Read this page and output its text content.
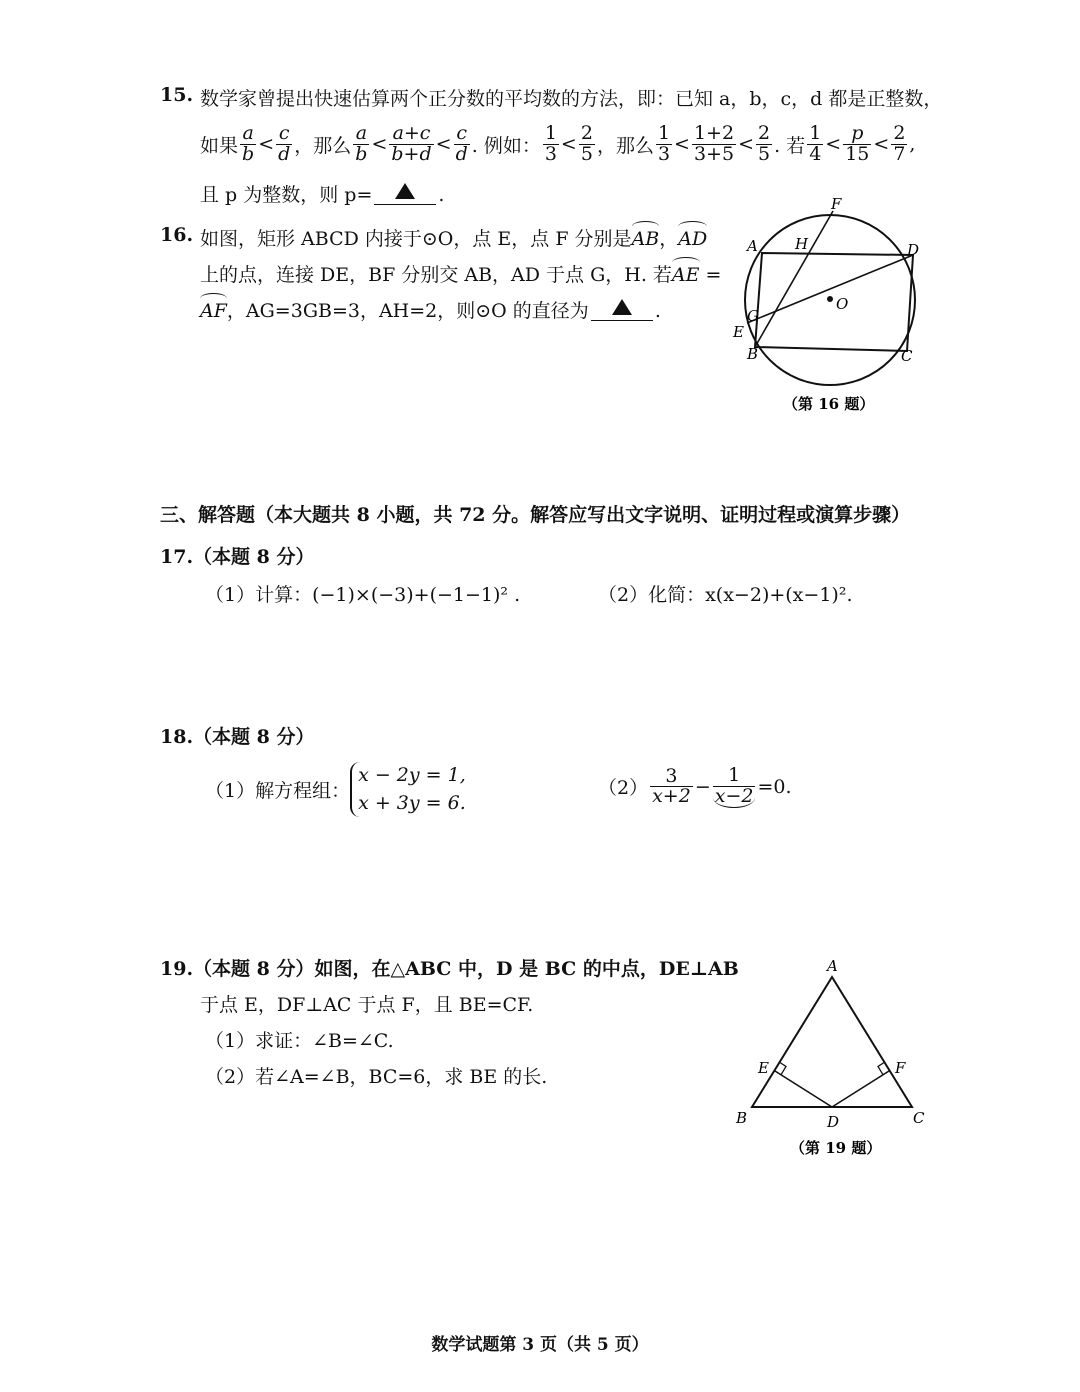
15. 数学家曾提出快速估算两个正分数的平均数的方法，即：已知 a，b，c，d 都是正整数，
如果 $\frac{a}{b} < \frac{c}{d}$ ，那么 $\frac{a}{b} < \frac{a+c}{b+d} < \frac{c}{d}$ . 例如： $\frac{1}{3} < \frac{2}{5}$ ，那么 $\frac{1}{3} < \frac{1+2}{3+5} < \frac{2}{5}$ . 若 $\frac{1}{4} < \frac{p}{15} < \frac{2}{7}$ ,
且 p 为整数，则 p=	.
16. 如图，矩形 ABCD 内接于⊙O，点 E，点 F 分别是AB，AD
上的点，连接 DE，BF 分别交 AB，AD 于点 G，H. 若AE =
AF，AG=3GB=3，AH=2，则⊙O 的直径为	.
F
A H	D
O
G
E
B	C
（第 16 题）
三、解答题（本大题共 8 小题，共 72 分。解答应写出文字说明、证明过程或演算步骤）
17.（本题 8 分）
（1）计算：(−1)×(−3)+(−1−1)² .	（2）化简：x(x−2)+(x−1)².
18.（本题 8 分）
（1）解方程组：
x − 2y = 1,
x + 3y = 6.
$(2) \frac{3}{x+2} - \frac{1}{x-2} =0$.
19.（本题 8 分）如图，在△ABC 中，D 是 BC 的中点，DE⊥AB
于点 E，DF⊥AC 于点 F，且 BE=CF.
（1）求证：∠B=∠C.
（2）若∠A=∠B，BC=6，求 BE 的长.
A
E	F
B	D	C
（第 19 题）
数学试题第 3 页（共 5 页）
